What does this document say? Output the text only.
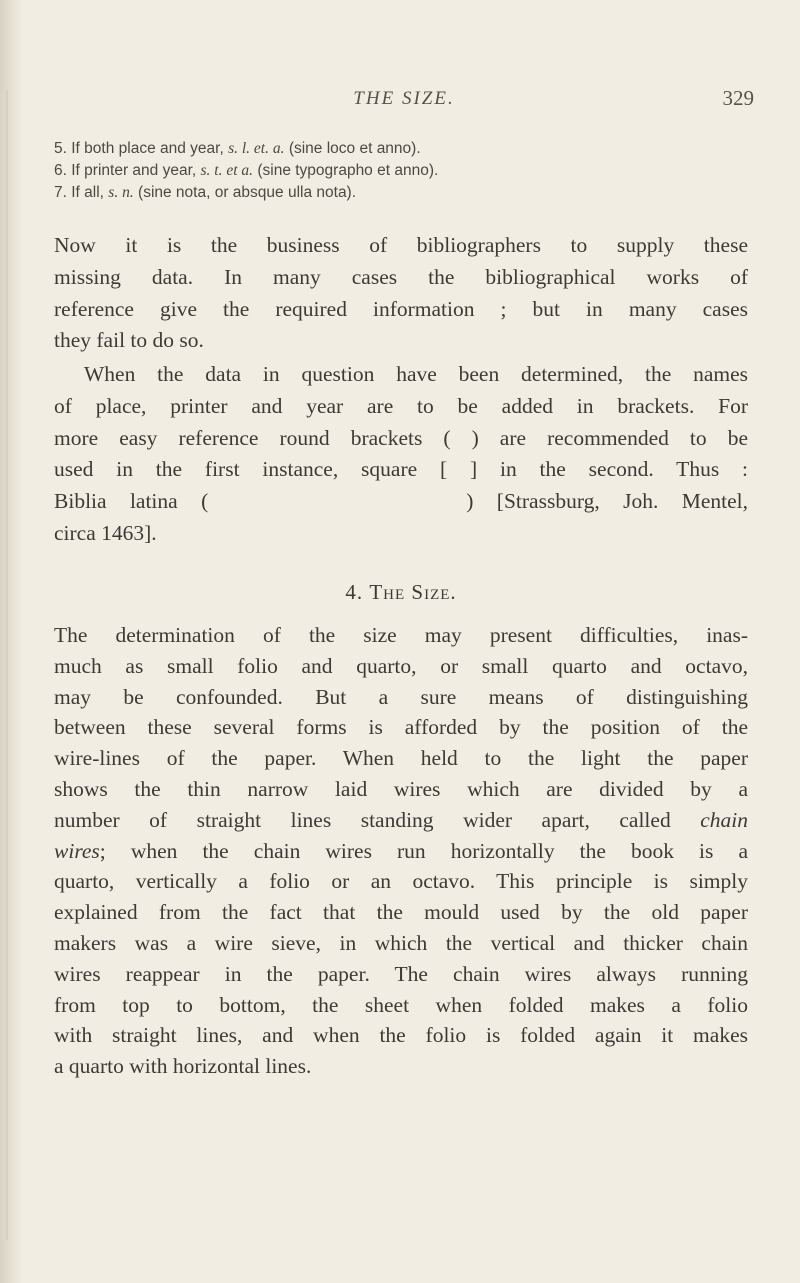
THE SIZE.	329
5. If both place and year, s. l. et. a. (sine loco et anno).
6. If printer and year, s. t. et a. (sine typographo et anno).
7. If all, s. n. (sine nota, or absque ulla nota).
Now it is the business of bibliographers to supply these
missing data. In many cases the bibliographical works of
reference give the required information ; but in many cases
they fail to do so.
When the data in question have been determined, the names
of place, printer and year are to be added in brackets. For
more easy reference round brackets ( ) are recommended to be
used in the first instance, square [ ] in the second. Thus :
Biblia latina (	) [Strassburg, Joh. Mentel,
circa 1463].
4. The Size.
The determination of the size may present difficulties, inas-
much as small folio and quarto, or small quarto and octavo,
may be confounded. But a sure means of distinguishing
between these several forms is afforded by the position of the
wire-lines of the paper. When held to the light the paper
shows the thin narrow laid wires which are divided by a
number of straight lines standing wider apart, called chain
wires; when the chain wires run horizontally the book is a
quarto, vertically a folio or an octavo. This principle is simply
explained from the fact that the mould used by the old paper
makers was a wire sieve, in which the vertical and thicker chain
wires reappear in the paper. The chain wires always running
from top to bottom, the sheet when folded makes a folio
with straight lines, and when the folio is folded again it makes
a quarto with horizontal lines.
